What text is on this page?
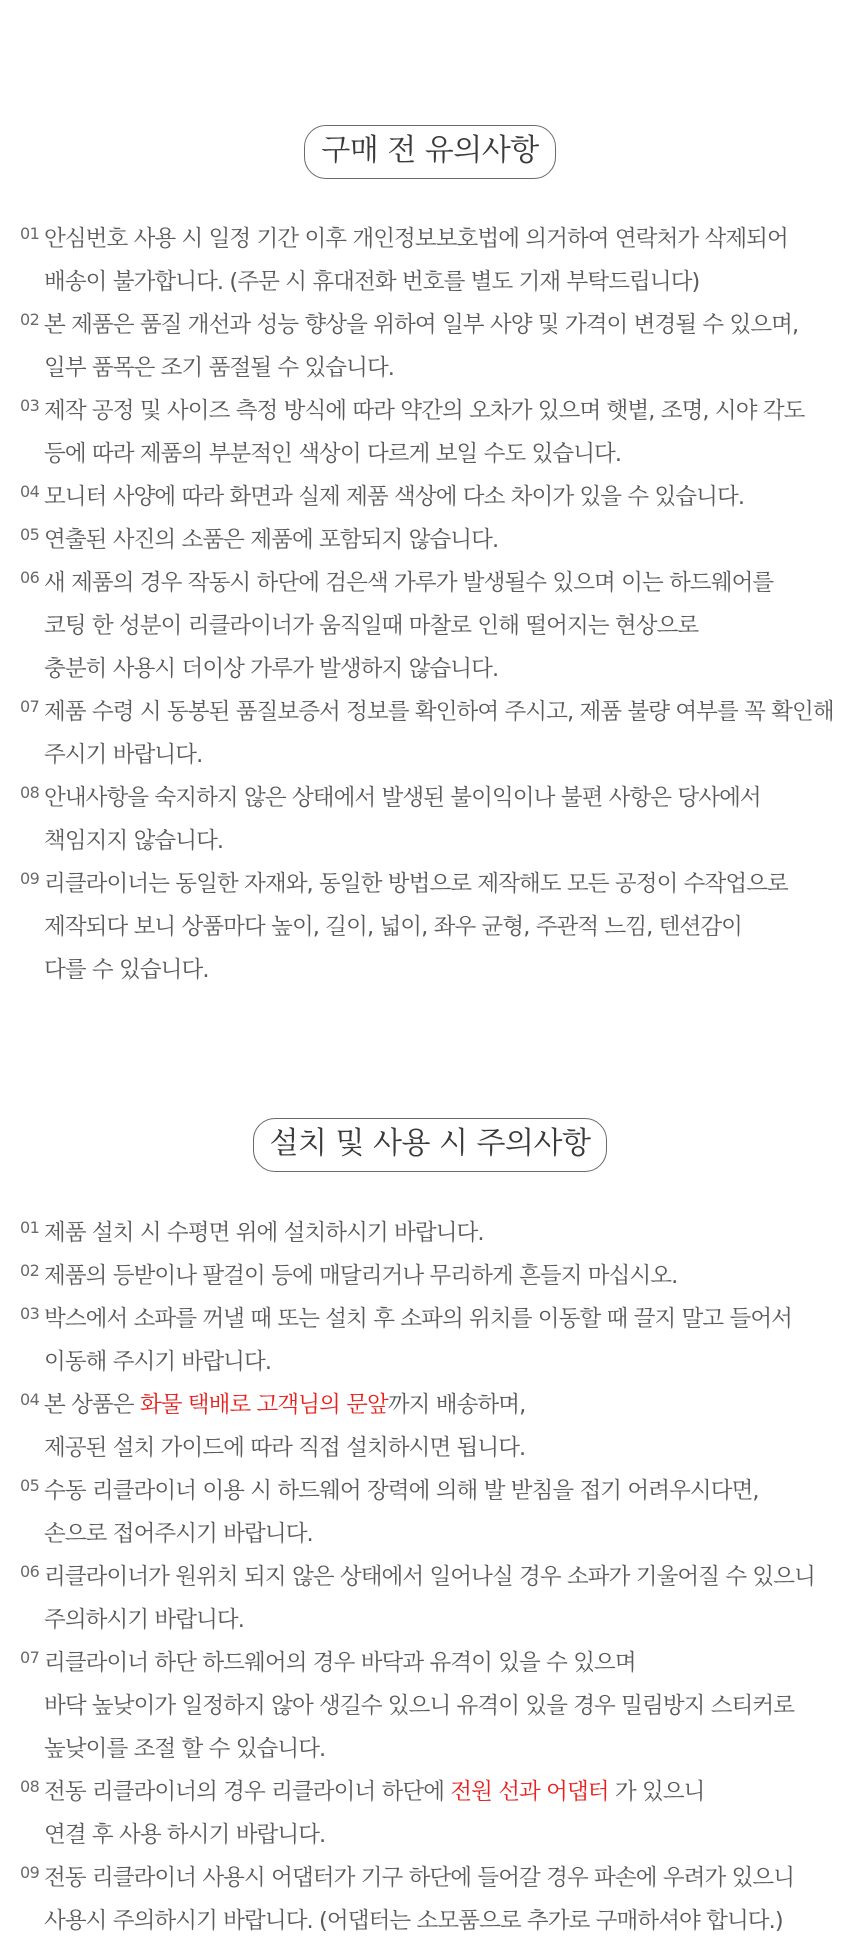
구매 전 유의사항
01 안심번호 사용 시 일정 기간 이후 개인정보보호법에 의거하여 연락처가 삭제되어
배송이 불가합니다. (주문 시 휴대전화 번호를 별도 기재 부탁드립니다)
02 본 제품은 품질 개선과 성능 향상을 위하여 일부 사양 및 가격이 변경될 수 있으며,
일부 품목은 조기 품절될 수 있습니다.
03 제작 공정 및 사이즈 측정 방식에 따라 약간의 오차가 있으며 햇볕, 조명, 시야 각도
등에 따라 제품의 부분적인 색상이 다르게 보일 수도 있습니다.
04 모니터 사양에 따라 화면과 실제 제품 색상에 다소 차이가 있을 수 있습니다.
05 연출된 사진의 소품은 제품에 포함되지 않습니다.
06 새 제품의 경우 작동시 하단에 검은색 가루가 발생될수 있으며 이는 하드웨어를
코팅 한 성분이 리클라이너가 움직일때 마찰로 인해 떨어지는 현상으로
충분히 사용시 더이상 가루가 발생하지 않습니다.
07 제품 수령 시 동봉된 품질보증서 정보를 확인하여 주시고, 제품 불량 여부를 꼭 확인해
주시기 바랍니다.
08 안내사항을 숙지하지 않은 상태에서 발생된 불이익이나 불편 사항은 당사에서
책임지지 않습니다.
09 리클라이너는 동일한 자재와, 동일한 방법으로 제작해도 모든 공정이 수작업으로
제작되다 보니 상품마다 높이, 길이, 넓이, 좌우 균형, 주관적 느낌, 텐션감이
다를 수 있습니다.
설치 및 사용 시 주의사항
01 제품 설치 시 수평면 위에 설치하시기 바랍니다.
02 제품의 등받이나 팔걸이 등에 매달리거나 무리하게 흔들지 마십시오.
03 박스에서 소파를 꺼낼 때 또는 설치 후 소파의 위치를 이동할 때 끌지 말고 들어서
이동해 주시기 바랍니다.
04 본 상품은 화물 택배로 고객님의 문앞까지 배송하며,
제공된 설치 가이드에 따라 직접 설치하시면 됩니다.
05 수동 리클라이너 이용 시 하드웨어 장력에 의해 발 받침을 접기 어려우시다면,
손으로 접어주시기 바랍니다.
06 리클라이너가 원위치 되지 않은 상태에서 일어나실 경우 소파가 기울어질 수 있으니
주의하시기 바랍니다.
07 리클라이너 하단 하드웨어의 경우 바닥과 유격이 있을 수 있으며
바닥 높낮이가 일정하지 않아 생길수 있으니 유격이 있을 경우 밀림방지 스티커로
높낮이를 조절 할 수 있습니다.
08 전동 리클라이너의 경우 리클라이너 하단에 전원 선과 어댑터 가 있으니
연결 후 사용 하시기 바랍니다.
09 전동 리클라이너 사용시 어댑터가 기구 하단에 들어갈 경우 파손에 우려가 있으니
사용시 주의하시기 바랍니다. (어댑터는 소모품으로 추가로 구매하셔야 합니다.)
